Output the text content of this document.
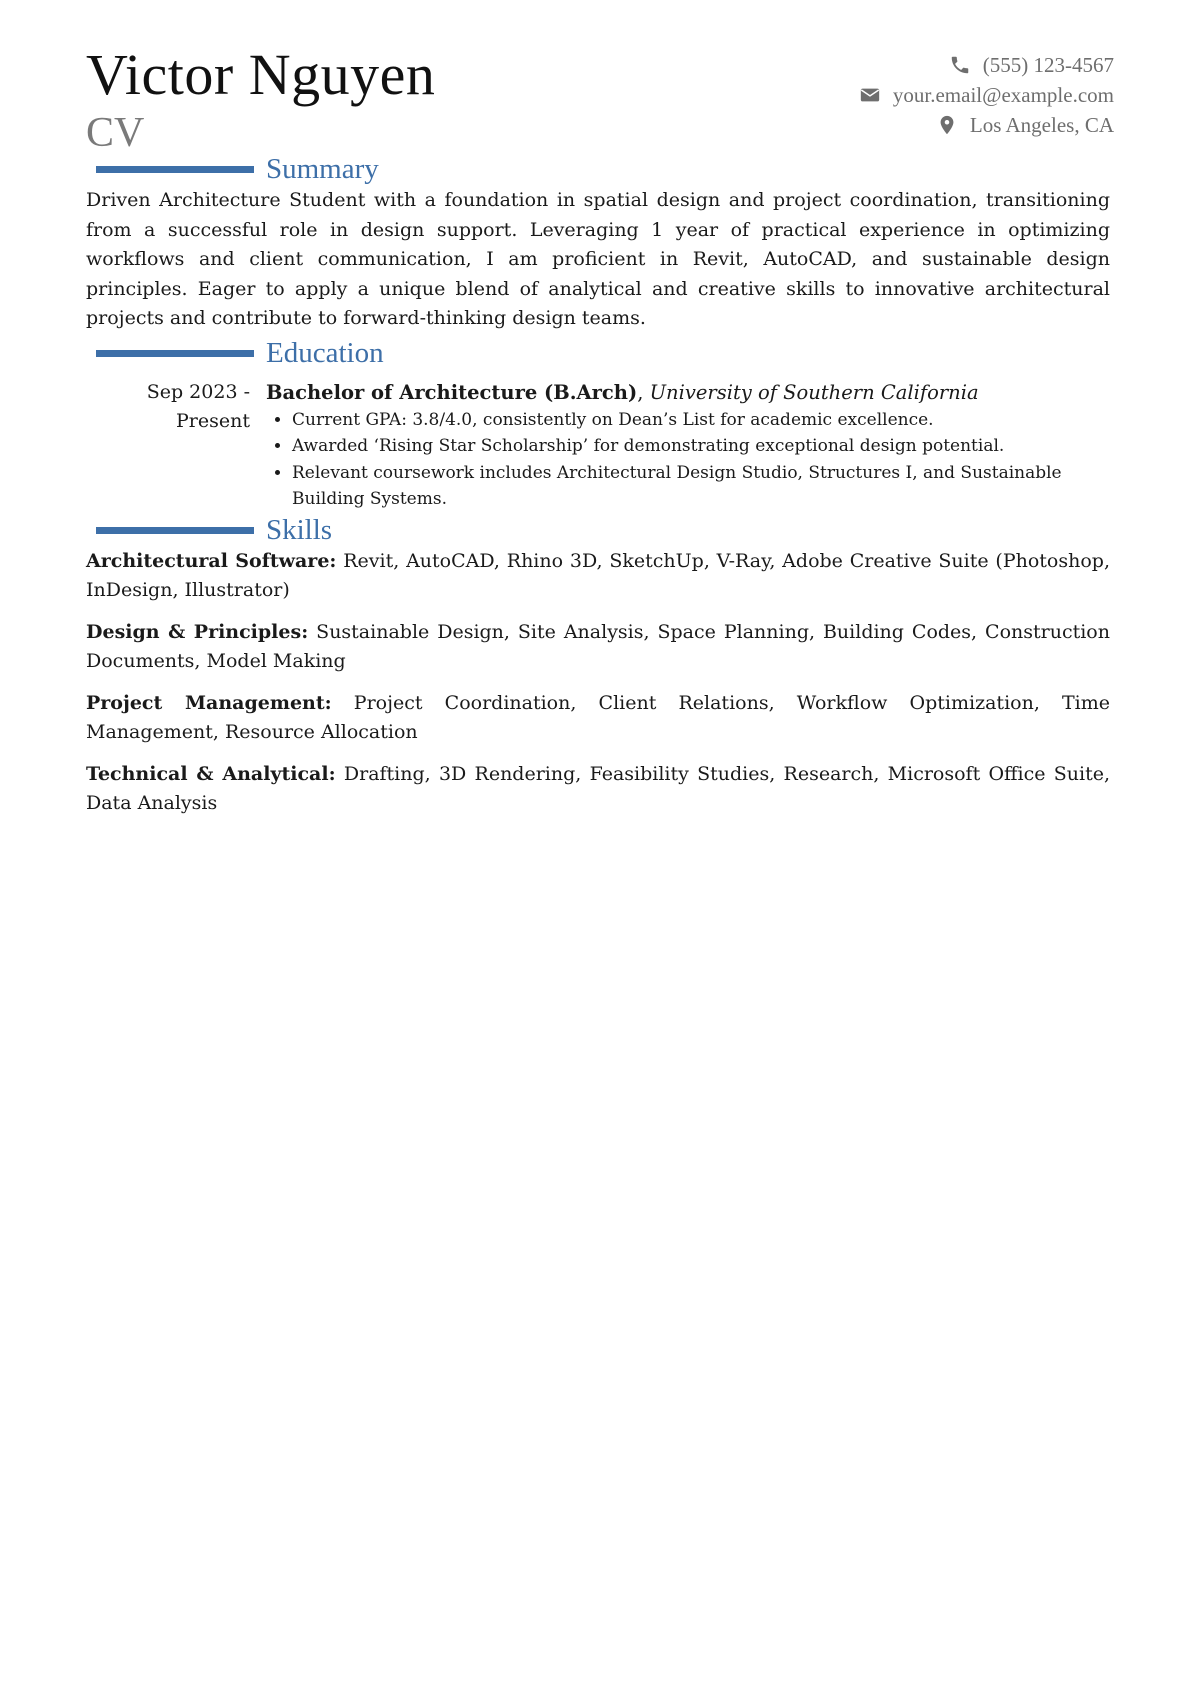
Victor Nguyen
CV
(555) 123-4567
your.email@example.com
Los Angeles, CA
Summary

Driven Architecture Student with a foundation in spatial design and project coordination, transitioning from a successful role in design support. Leveraging 1 year of practical experience in optimizing workflows and client communication, I am proficient in Revit, AutoCAD, and sustainable design principles. Eager to apply a unique blend of analytical and creative skills to innovative architectural projects and contribute to forward-thinking design teams.

Education
Sep 2023 - Present
Bachelor of Architecture (B.Arch), University of Southern California
• Current GPA: 3.8/4.0, consistently on Dean’s List for academic excellence.
• Awarded ‘Rising Star Scholarship’ for demonstrating exceptional design potential.
• Relevant coursework includes Architectural Design Studio, Structures I, and Sustainable Building Systems.
Skills

Architectural Software: Revit, AutoCAD, Rhino 3D, SketchUp, V-Ray, Adobe Creative Suite (Photoshop, InDesign, Illustrator)

Design & Principles: Sustainable Design, Site Analysis, Space Planning, Building Codes, Construction Documents, Model Making

Project Management: Project Coordination, Client Relations, Workflow Optimization, Time Management, Resource Allocation

Technical & Analytical: Drafting, 3D Rendering, Feasibility Studies, Research, Microsoft Office Suite, Data Analysis
